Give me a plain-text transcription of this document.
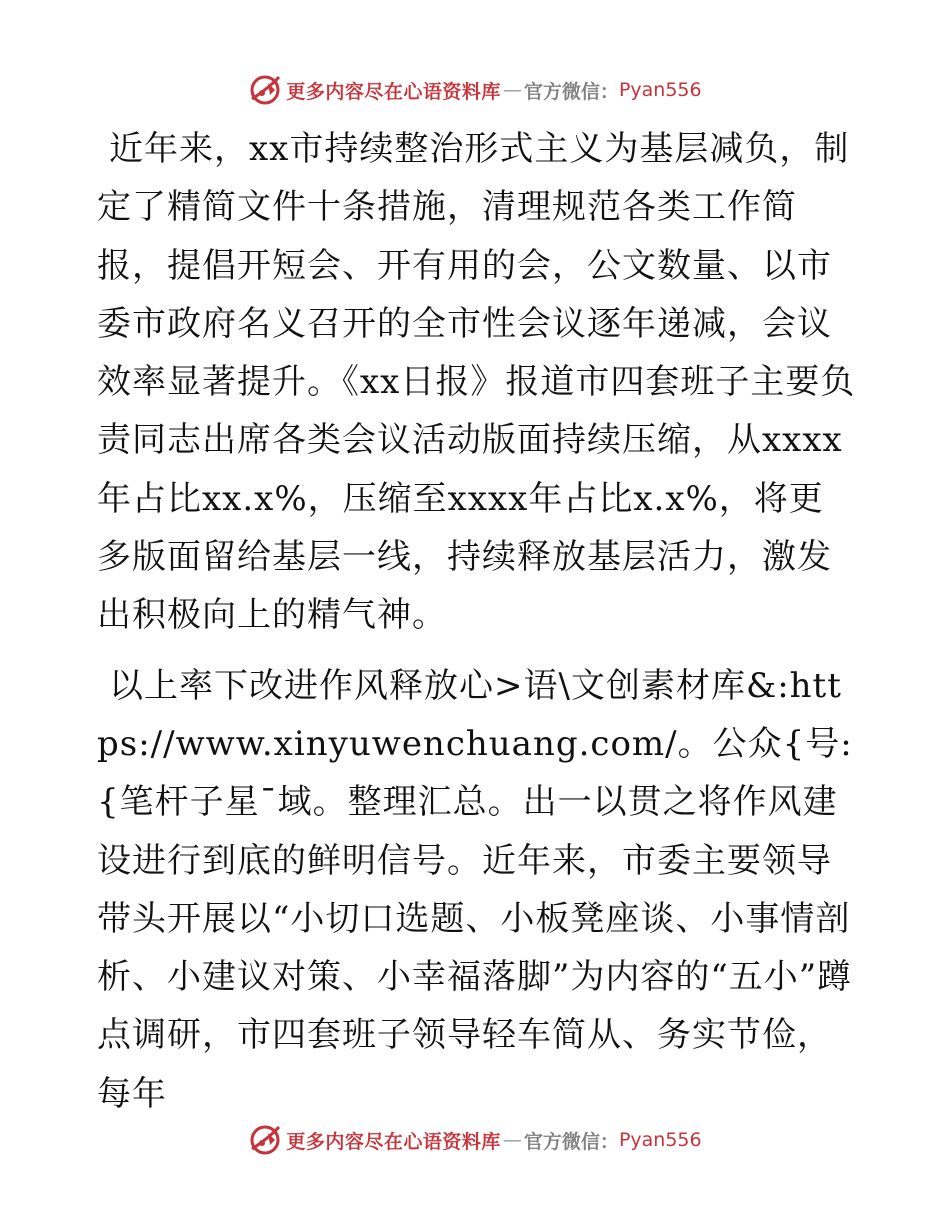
更多内容尽在心语资料库 — 官方微信： Pyan556

近年来，xx市持续整治形式主义为基层减负，制定了精简文件十条措施，清理规范各类工作简报，提倡开短会、开有用的会，公文数量、以市委市政府名义召开的全市性会议逐年递减，会议效率显著提升。《xx日报》报道市四套班子主要负责同志出席各类会议活动版面持续压缩，从xxxx年占比xx.x%，压缩至xxxx年占比x.x%，将更多版面留给基层一线，持续释放基层活力，激发出积极向上的精气神。

以上率下改进作风释放心>语\文创素材库&:https://www.xinyuwenchuang.com/。公众{号:{笔杆子星¯域。整理汇总。出一以贯之将作风建设进行到底的鲜明信号。近年来，市委主要领导带头开展以“小切口选题、小板凳座谈、小事情剖析、小建议对策、小幸福落脚”为内容的“五小”蹲点调研，市四套班子领导轻车简从、务实节俭，每年

更多内容尽在心语资料库 — 官方微信： Pyan556
